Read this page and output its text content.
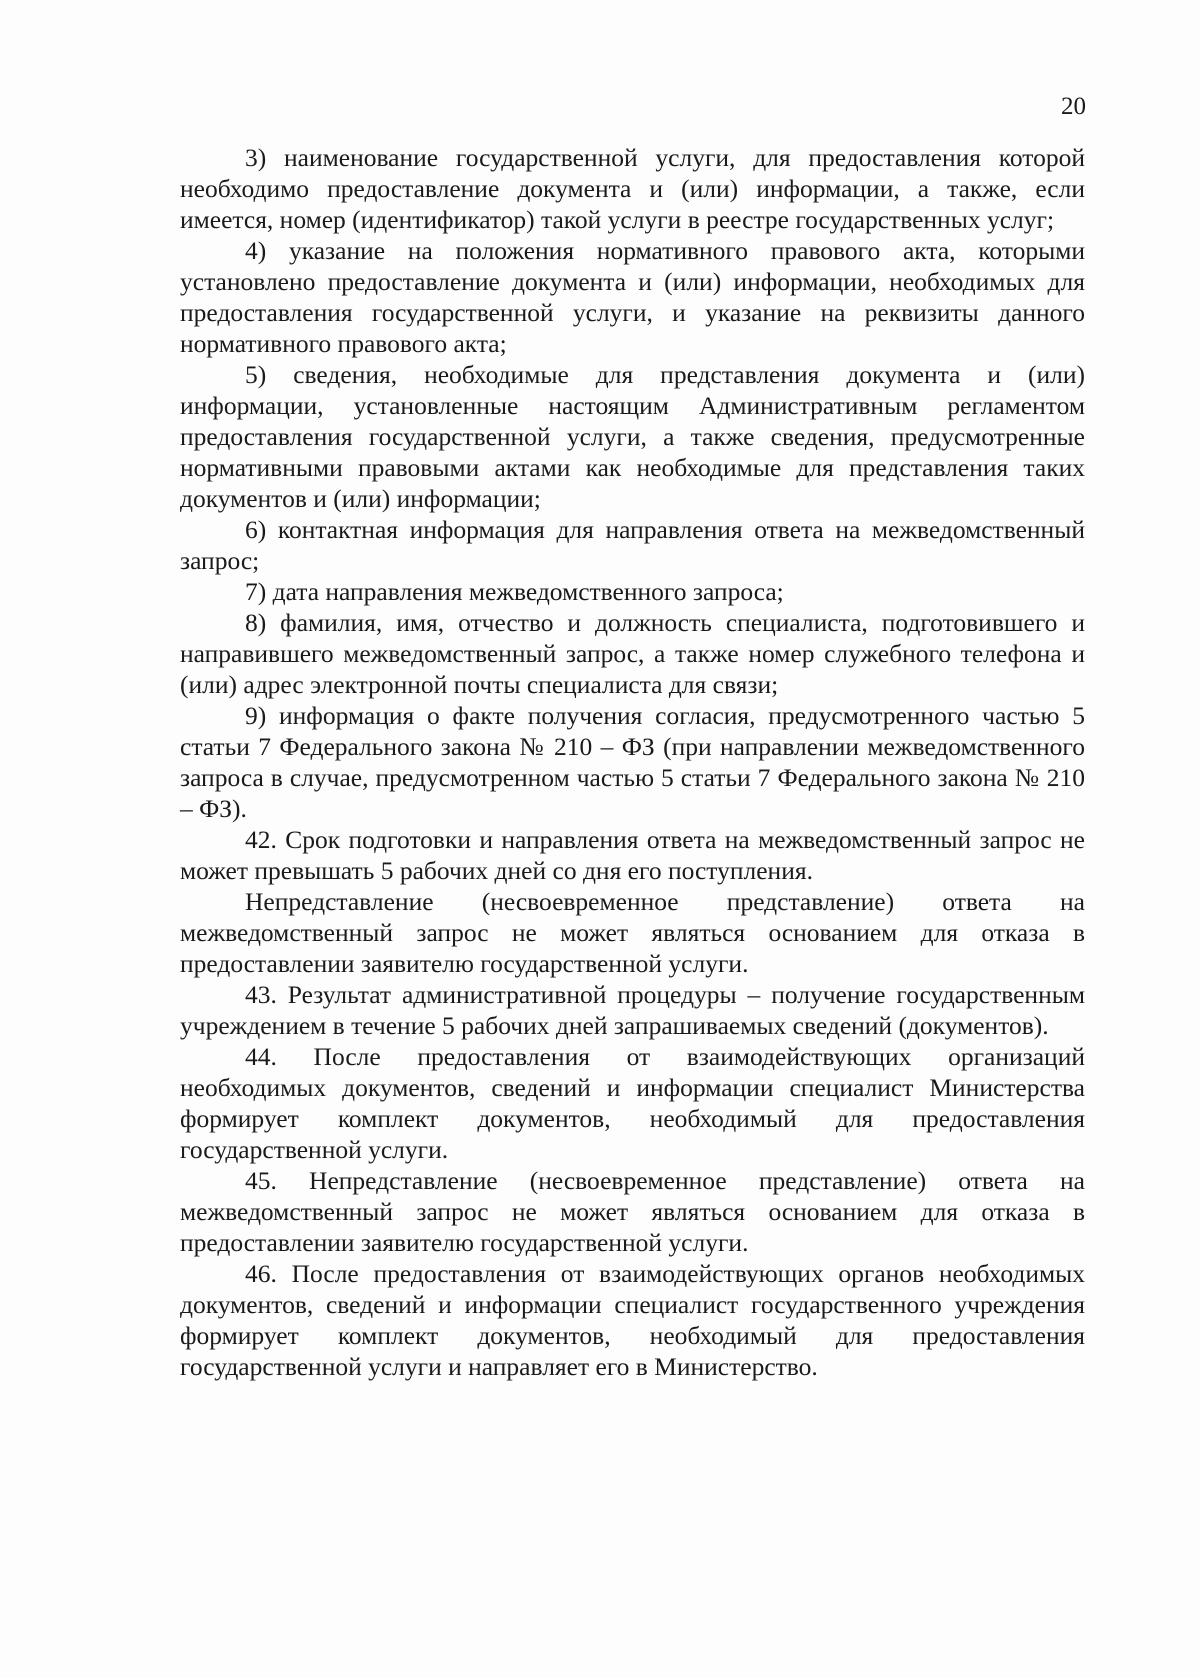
20

3) наименование государственной услуги, для предоставления которой необходимо предоставление документа и (или) информации, а также, если имеется, номер (идентификатор) такой услуги в реестре государственных услуг;

4) указание на положения нормативного правового акта, которыми установлено предоставление документа и (или) информации, необходимых для предоставления государственной услуги, и указание на реквизиты данного нормативного правового акта;

5) сведения, необходимые для представления документа и (или) информации, установленные настоящим Административным регламентом предоставления государственной услуги, а также сведения, предусмотренные нормативными правовыми актами как необходимые для представления таких документов и (или) информации;

6) контактная информация для направления ответа на межведомственный запрос;

7) дата направления межведомственного запроса;

8) фамилия, имя, отчество и должность специалиста, подготовившего и направившего межведомственный запрос, а также номер служебного телефона и (или) адрес электронной почты специалиста для связи;

9) информация о факте получения согласия, предусмотренного частью 5 статьи 7 Федерального закона № 210 – ФЗ (при направлении межведомственного запроса в случае, предусмотренном частью 5 статьи 7 Федерального закона № 210 – ФЗ).

42. Срок подготовки и направления ответа на межведомственный запрос не может превышать 5 рабочих дней со дня его поступления.

Непредставление (несвоевременное представление) ответа на межведомственный запрос не может являться основанием для отказа в предоставлении заявителю государственной услуги.

43. Результат административной процедуры – получение государственным учреждением в течение 5 рабочих дней запрашиваемых сведений (документов).

44. После предоставления от взаимодействующих организаций необходимых документов, сведений и информации специалист Министерства формирует комплект документов, необходимый для предоставления государственной услуги.

45. Непредставление (несвоевременное представление) ответа на межведомственный запрос не может являться основанием для отказа в предоставлении заявителю государственной услуги.

46. После предоставления от взаимодействующих органов необходимых документов, сведений и информации специалист государственного учреждения формирует комплект документов, необходимый для предоставления государственной услуги и направляет его в Министерство.
